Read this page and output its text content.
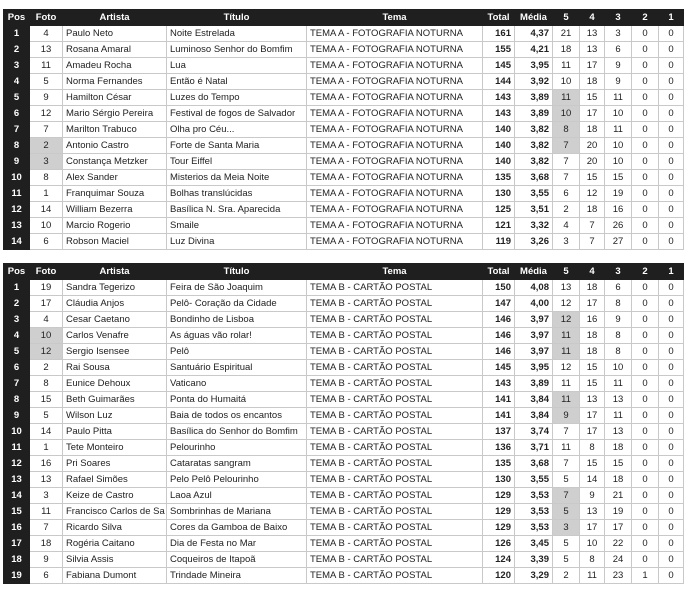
Pos	Foto	Artista	Título	Tema	Total	Média	5	4	3	2	1
1	4	Paulo Neto	Noite Estrelada	TEMA A - FOTOGRAFIA NOTURNA	161	4,37	21	13	3	0	0
2	13	Rosana Amaral	Luminoso Senhor do Bomfim	TEMA A - FOTOGRAFIA NOTURNA	155	4,21	18	13	6	0	0
3	11	Amadeu Rocha	Lua	TEMA A - FOTOGRAFIA NOTURNA	145	3,95	11	17	9	0	0
4	5	Norma Fernandes	Então é Natal	TEMA A - FOTOGRAFIA NOTURNA	144	3,92	10	18	9	0	0
5	9	Hamilton César	Luzes do Tempo	TEMA A - FOTOGRAFIA NOTURNA	143	3,89	11	15	11	0	0
6	12	Mario Sérgio Pereira	Festival de fogos de Salvador	TEMA A - FOTOGRAFIA NOTURNA	143	3,89	10	17	10	0	0
7	7	Marilton Trabuco	Olha pro Céu...	TEMA A - FOTOGRAFIA NOTURNA	140	3,82	8	18	11	0	0
8	2	Antonio Castro	Forte de Santa Maria	TEMA A - FOTOGRAFIA NOTURNA	140	3,82	7	20	10	0	0
9	3	Constança Metzker	Tour Eiffel	TEMA A - FOTOGRAFIA NOTURNA	140	3,82	7	20	10	0	0
10	8	Alex Sander	Misterios da Meia Noite	TEMA A - FOTOGRAFIA NOTURNA	135	3,68	7	15	15	0	0
11	1	Franquimar Souza	Bolhas translúcidas	TEMA A - FOTOGRAFIA NOTURNA	130	3,55	6	12	19	0	0
12	14	William Bezerra	Basílica N. Sra. Aparecida	TEMA A - FOTOGRAFIA NOTURNA	125	3,51	2	18	16	0	0
13	10	Marcio Rogerio	Smaile	TEMA A - FOTOGRAFIA NOTURNA	121	3,32	4	7	26	0	0
14	6	Robson Maciel	Luz Divina	TEMA A - FOTOGRAFIA NOTURNA	119	3,26	3	7	27	0	0
Pos	Foto	Artista	Título	Tema	Total	Média	5	4	3	2	1
1	19	Sandra Tegerizo	Feira de São Joaquim	TEMA B - CARTÃO POSTAL	150	4,08	13	18	6	0	0
2	17	Cláudia Anjos	Pelô- Coração da Cidade	TEMA B - CARTÃO POSTAL	147	4,00	12	17	8	0	0
3	4	Cesar Caetano	Bondinho de Lisboa	TEMA B - CARTÃO POSTAL	146	3,97	12	16	9	0	0
4	10	Carlos Venafre	As águas vão rolar!	TEMA B - CARTÃO POSTAL	146	3,97	11	18	8	0	0
5	12	Sergio Isensee	Pelô	TEMA B - CARTÃO POSTAL	146	3,97	11	18	8	0	0
6	2	Rai Sousa	Santuário Espiritual	TEMA B - CARTÃO POSTAL	145	3,95	12	15	10	0	0
7	8	Eunice Dehoux	Vaticano	TEMA B - CARTÃO POSTAL	143	3,89	11	15	11	0	0
8	15	Beth Guimarães	Ponta do Humaitá	TEMA B - CARTÃO POSTAL	141	3,84	11	13	13	0	0
9	5	Wilson Luz	Baia de todos os encantos	TEMA B - CARTÃO POSTAL	141	3,84	9	17	11	0	0
10	14	Paulo Pitta	Basílica do Senhor do Bomfim	TEMA B - CARTÃO POSTAL	137	3,74	7	17	13	0	0
11	1	Tete Monteiro	Pelourinho	TEMA B - CARTÃO POSTAL	136	3,71	11	8	18	0	0
12	16	Pri Soares	Cataratas sangram	TEMA B - CARTÃO POSTAL	135	3,68	7	15	15	0	0
13	13	Rafael Simões	Pelo Pelô Pelourinho	TEMA B - CARTÃO POSTAL	130	3,55	5	14	18	0	0
14	3	Keize de Castro	Laoa Azul	TEMA B - CARTÃO POSTAL	129	3,53	7	9	21	0	0
15	11	Francisco Carlos de Sa	Sombrinhas de Mariana	TEMA B - CARTÃO POSTAL	129	3,53	5	13	19	0	0
16	7	Ricardo Silva	Cores da Gamboa de Baixo	TEMA B - CARTÃO POSTAL	129	3,53	3	17	17	0	0
17	18	Rogéria Caitano	Dia de Festa no Mar	TEMA B - CARTÃO POSTAL	126	3,45	5	10	22	0	0
18	9	Silvia Assis	Coqueiros de Itapoã	TEMA B - CARTÃO POSTAL	124	3,39	5	8	24	0	0
19	6	Fabiana Dumont	Trindade Mineira	TEMA B - CARTÃO POSTAL	120	3,29	2	11	23	1	0
